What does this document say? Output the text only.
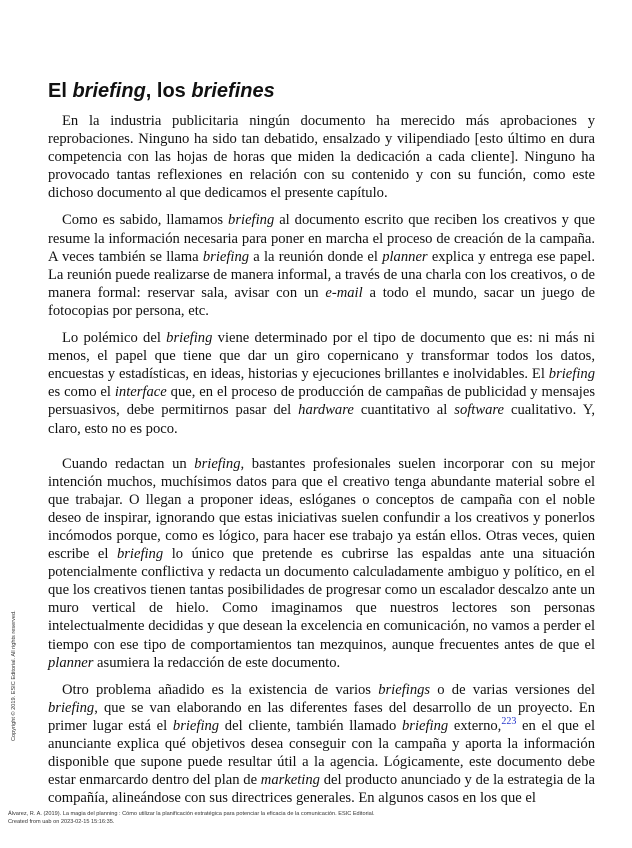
El briefing, los briefines

En la industria publicitaria ningún documento ha merecido más aprobaciones y reprobaciones. Ninguno ha sido tan debatido, ensalzado y vilipendiado [esto último en dura competencia con las hojas de horas que miden la dedicación a cada cliente]. Ninguno ha provocado tantas reflexiones en relación con su contenido y con su función, como este dichoso documento al que dedicamos el presente capítulo.

Como es sabido, llamamos briefing al documento escrito que reciben los creativos y que resume la información necesaria para poner en marcha el proceso de creación de la campaña. A veces también se llama briefing a la reunión donde el planner explica y entrega ese papel. La reunión puede realizarse de manera informal, a través de una charla con los creativos, o de manera formal: reservar sala, avisar con un e-mail a todo el mundo, sacar un juego de fotocopias por persona, etc.

Lo polémico del briefing viene determinado por el tipo de documento que es: ni más ni menos, el papel que tiene que dar un giro copernicano y transformar todos los datos, encuestas y estadísticas, en ideas, historias y ejecuciones brillantes e inolvidables. El briefing es como el interface que, en el proceso de producción de campañas de publicidad y mensajes persuasivos, debe permitirnos pasar del hardware cuantitativo al software cualitativo. Y, claro, esto no es poco.

Cuando redactan un briefing, bastantes profesionales suelen incorporar con su mejor intención muchos, muchísimos datos para que el creativo tenga abundante material sobre el que trabajar. O llegan a proponer ideas, eslóganes o conceptos de campaña con el noble deseo de inspirar, ignorando que estas iniciativas suelen confundir a los creativos y ponerlos incómodos porque, como es lógico, para hacer ese trabajo ya están ellos. Otras veces, quien escribe el briefing lo único que pretende es cubrirse las espaldas ante una situación potencialmente conflictiva y redacta un documento calculadamente ambiguo y político, en el que los creativos tienen tantas posibilidades de progresar como un escalador descalzo ante un muro vertical de hielo. Como imaginamos que nuestros lectores son personas intelectualmente decididas y que desean la excelencia en comunicación, no vamos a perder el tiempo con ese tipo de comportamientos tan mezquinos, aunque frecuentes antes de que el planner asumiera la redacción de este documento.

Otro problema añadido es la existencia de varios briefings o de varias versiones del briefing, que se van elaborando en las diferentes fases del desarrollo de un proyecto. En primer lugar está el briefing del cliente, también llamado briefing externo,$^{223}$ en el que el anunciante explica qué objetivos desea conseguir con la campaña y aporta la información disponible que supone puede resultar útil a la agencia. Lógicamente, este documento debe estar enmarcardo dentro del plan de marketing del producto anunciado y de la estrategia de la compañía, alineándose con sus directrices generales. En algunos casos en los que el

Copyright © 2019. ESIC Editorial. All rights reserved.
Álvarez, R. A. (2019). La magia del planning : Cómo utilizar la planificación estratégica para potenciar la eficacia de la comunicación. ESIC Editorial.
Created from uab on 2023-02-15 15:16:35.
